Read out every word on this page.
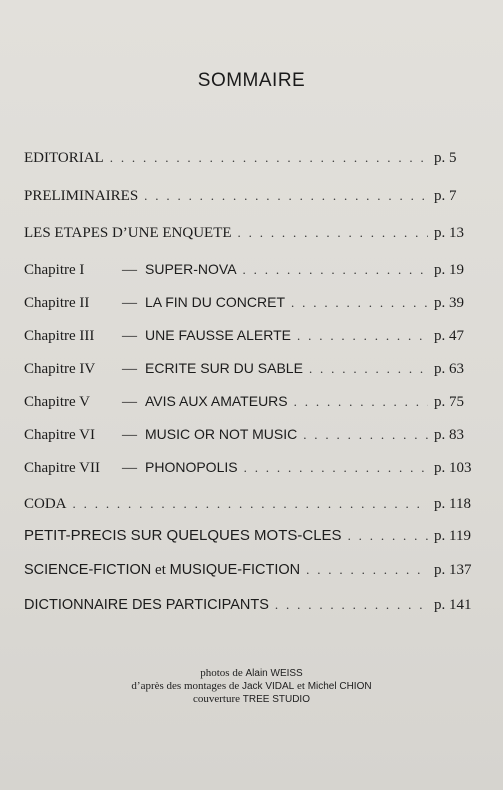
SOMMAIRE
EDITORIAL . . .	p. 5
PRELIMINAIRES . . .	p. 7
LES ETAPES D’UNE ENQUETE . . .	p. 13
Chapitre I	— SUPER-NOVA . . .	p. 19
Chapitre II	— LA FIN DU CONCRET . . .	p. 39
Chapitre III	— UNE FAUSSE ALERTE . . .	p. 47
Chapitre IV	— ECRITE SUR DU SABLE . . .	p. 63
Chapitre V	— AVIS AUX AMATEURS . . .	p. 75
Chapitre VI	— MUSIC OR NOT MUSIC . . .	p. 83
Chapitre VII	— PHONOPOLIS . . .	p. 103
CODA . . .	p. 118
PETIT-PRECIS SUR QUELQUES MOTS-CLES . . .	p. 119
SCIENCE-FICTION et MUSIQUE-FICTION . . .	p. 137
DICTIONNAIRE DES PARTICIPANTS . . .	p. 141
photos de Alain WEISS
d’après des montages de Jack VIDAL et Michel CHION
couverture TREE STUDIO
